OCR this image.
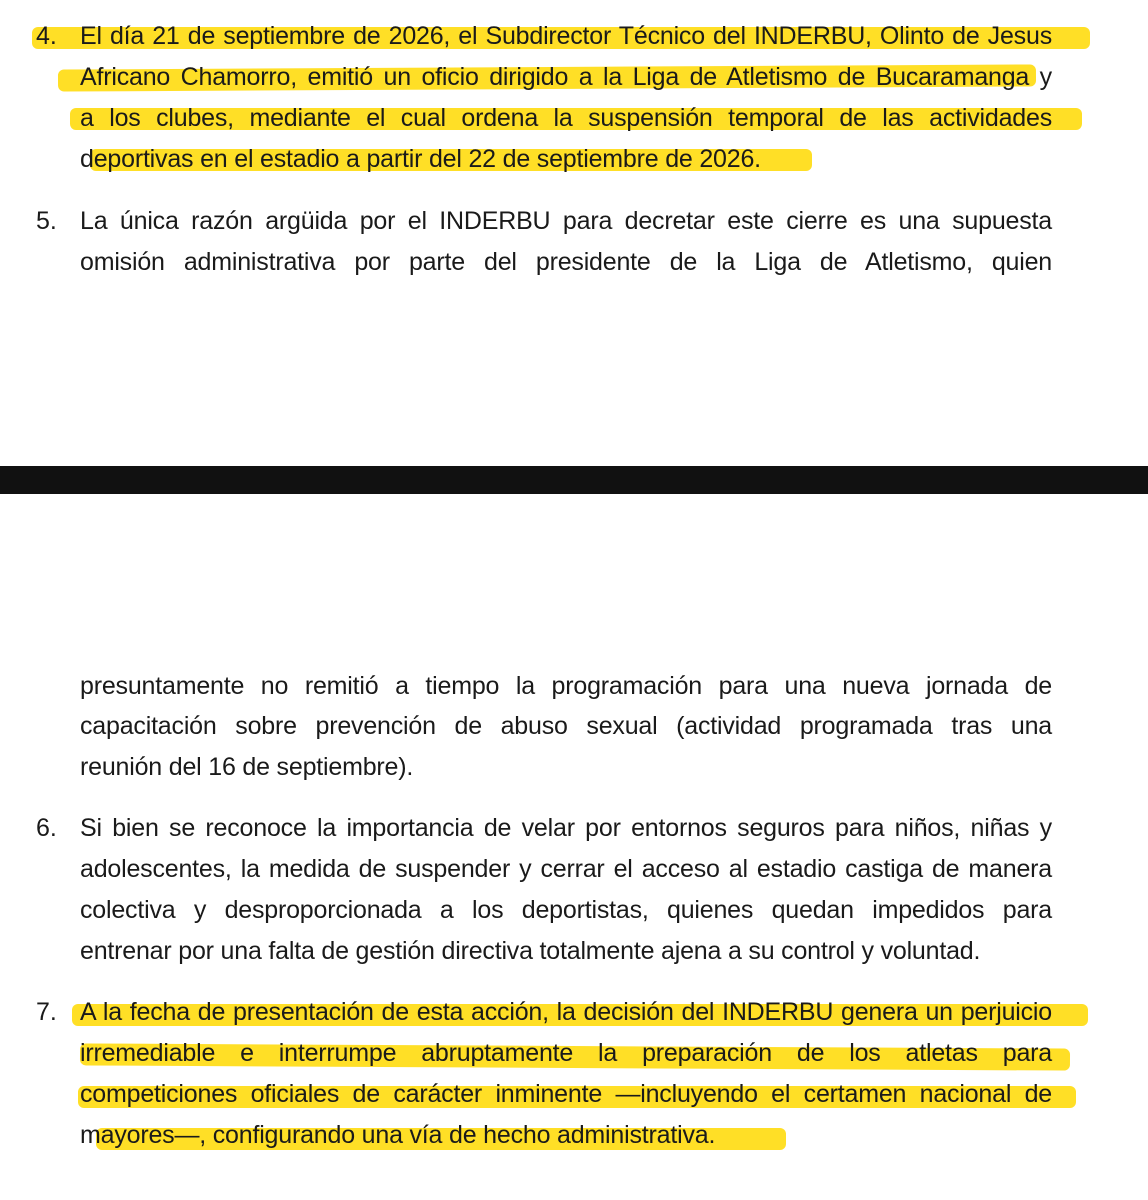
4. El día 21 de septiembre de 2026, el Subdirector Técnico del INDERBU, Olinto de Jesus
Africano Chamorro, emitió un oficio dirigido a la Liga de Atletismo de Bucaramanga y
a los clubes, mediante el cual ordena la suspensión temporal de las actividades
deportivas en el estadio a partir del 22 de septiembre de 2026.
5. La única razón argüida por el INDERBU para decretar este cierre es una supuesta
omisión administrativa por parte del presidente de la Liga de Atletismo, quien
presuntamente no remitió a tiempo la programación para una nueva jornada de
capacitación sobre prevención de abuso sexual (actividad programada tras una
reunión del 16 de septiembre).
6. Si bien se reconoce la importancia de velar por entornos seguros para niños, niñas y
adolescentes, la medida de suspender y cerrar el acceso al estadio castiga de manera
colectiva y desproporcionada a los deportistas, quienes quedan impedidos para
entrenar por una falta de gestión directiva totalmente ajena a su control y voluntad.
7. A la fecha de presentación de esta acción, la decisión del INDERBU genera un perjuicio
irremediable e interrumpe abruptamente la preparación de los atletas para
competiciones oficiales de carácter inminente —incluyendo el certamen nacional de
mayores—, configurando una vía de hecho administrativa.
